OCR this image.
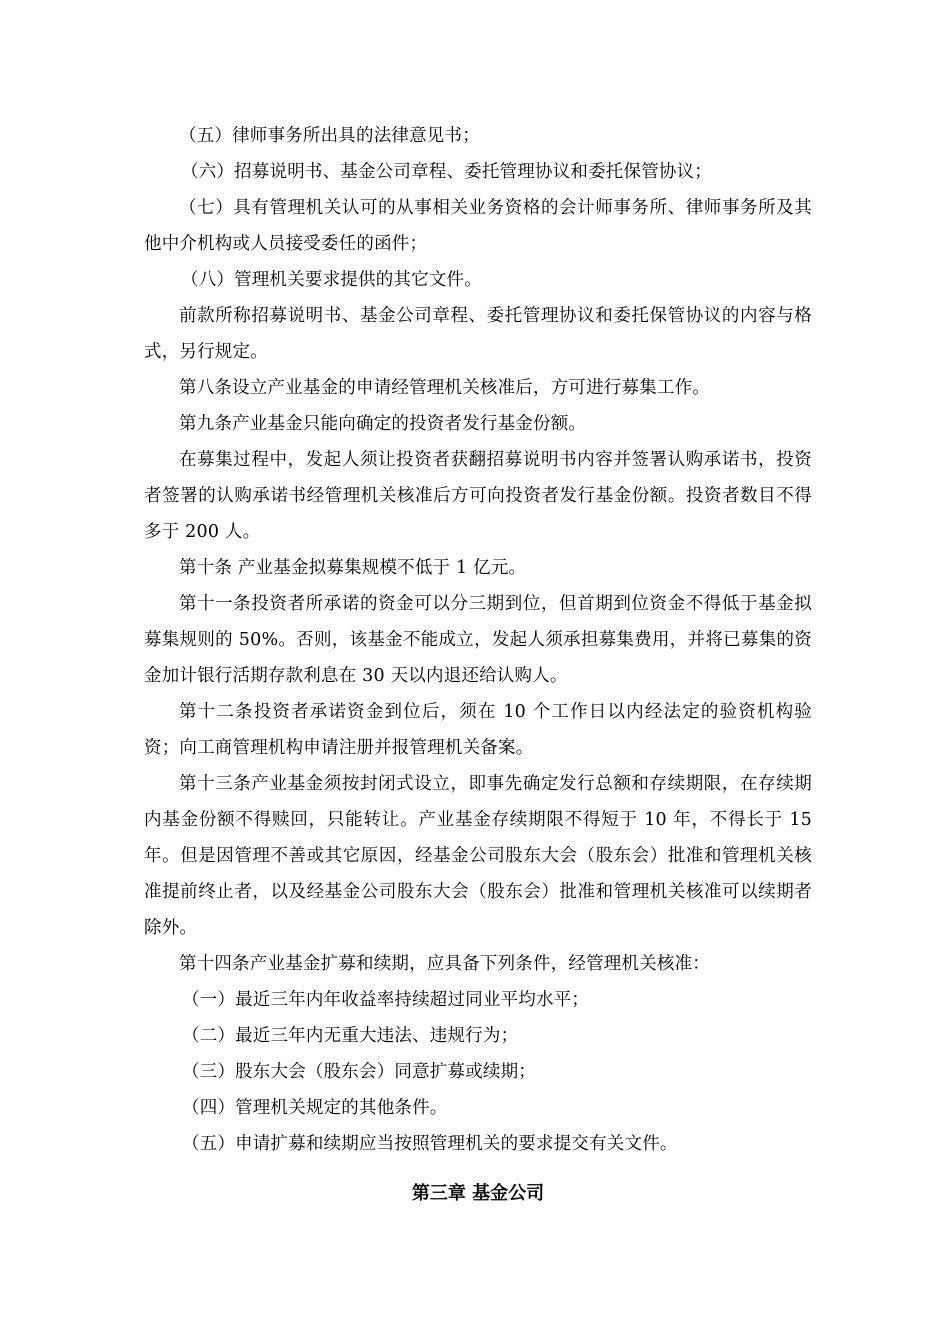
（五）律师事务所出具的法律意见书；

（六）招募说明书、基金公司章程、委托管理协议和委托保管协议；

（七）具有管理机关认可的从事相关业务资格的会计师事务所、律师事务所及其他中介机构或人员接受委任的函件；

（八）管理机关要求提供的其它文件。

前款所称招募说明书、基金公司章程、委托管理协议和委托保管协议的内容与格式，另行规定。

第八条设立产业基金的申请经管理机关核准后，方可进行募集工作。

第九条产业基金只能向确定的投资者发行基金份额。

在募集过程中，发起人须让投资者获翻招募说明书内容并签署认购承诺书，投资者签署的认购承诺书经管理机关核准后方可向投资者发行基金份额。投资者数目不得多于 200 人。

第十条 产业基金拟募集规模不低于 1 亿元。

第十一条投资者所承诺的资金可以分三期到位，但首期到位资金不得低于基金拟募集规则的 50%。否则，该基金不能成立，发起人须承担募集费用，并将已募集的资金加计银行活期存款利息在 30 天以内退还给认购人。

第十二条投资者承诺资金到位后，须在 10 个工作日以内经法定的验资机构验资；向工商管理机构申请注册并报管理机关备案。

第十三条产业基金须按封闭式设立，即事先确定发行总额和存续期限，在存续期内基金份额不得赎回，只能转让。产业基金存续期限不得短于 10 年，不得长于 15 年。但是因管理不善或其它原因，经基金公司股东大会（股东会）批准和管理机关核准提前终止者，以及经基金公司股东大会（股东会）批准和管理机关核准可以续期者除外。

第十四条产业基金扩募和续期，应具备下列条件，经管理机关核准：

（一）最近三年内年收益率持续超过同业平均水平；

（二）最近三年内无重大违法、违规行为；

（三）股东大会（股东会）同意扩募或续期；

（四）管理机关规定的其他条件。

（五）申请扩募和续期应当按照管理机关的要求提交有关文件。

第三章 基金公司
